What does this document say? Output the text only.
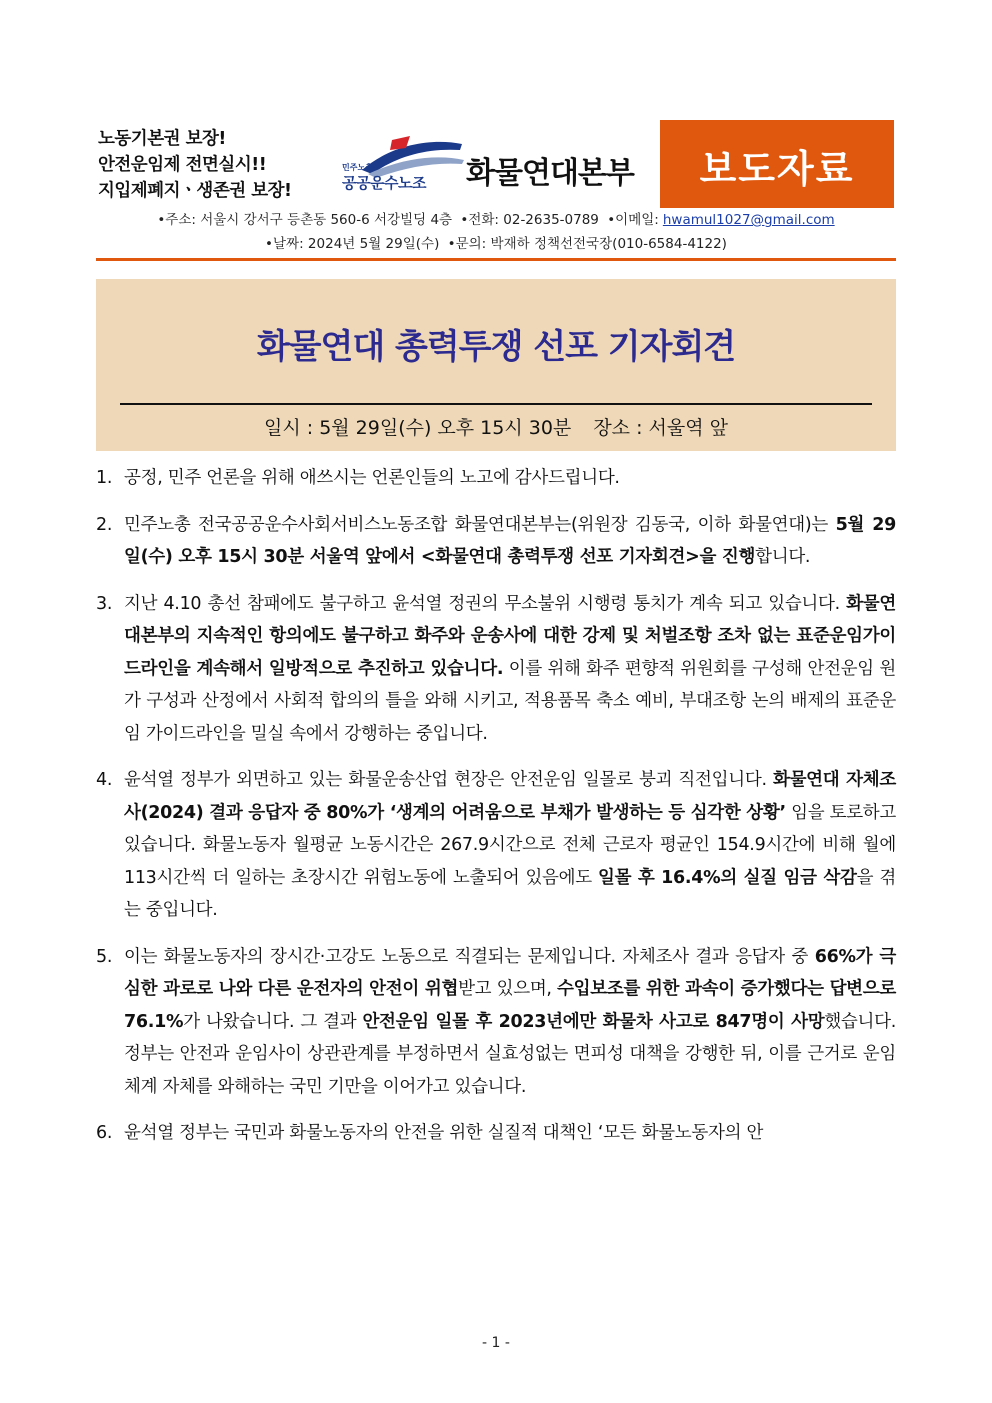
노동기본권 보장!
안전운임제 전면실시!!
지입제폐지ㆍ생존권 보장!
민주노총
공공운수노조 화물연대본부	보도자료
•주소: 서울시 강서구 등촌동 560-6 서강빌딩 4층 •전화: 02-2635-0789 •이메일: hwamul1027@gmail.com
•날짜: 2024년 5월 29일(수) •문의: 박재하 정책선전국장(010-6584-4122)
화물연대 총력투쟁 선포 기자회견
일시 : 5월 29일(수) 오후 15시 30분 장소 : 서울역 앞
1. 공정, 민주 언론을 위해 애쓰시는 언론인들의 노고에 감사드립니다.
2. 민주노총 전국공공운수사회서비스노동조합 화물연대본부는(위원장 김동국, 이하 화물연대)는 5월 29일(수) 오후 15시 30분 서울역 앞에서 <화물연대 총력투쟁 선포 기자회견>을 진행합니다.
3. 지난 4.10 총선 참패에도 불구하고 윤석열 정권의 무소불위 시행령 통치가 계속 되고 있습니다. 화물연대본부의 지속적인 항의에도 불구하고 화주와 운송사에 대한 강제 및 처벌조항 조차 없는 표준운임가이드라인을 계속해서 일방적으로 추진하고 있습니다. 이를 위해 화주 편향적 위원회를 구성해 안전운임 원가 구성과 산정에서 사회적 합의의 틀을 와해 시키고, 적용품목 축소 예비, 부대조항 논의 배제의 표준운임 가이드라인을 밀실 속에서 강행하는 중입니다.
4. 윤석열 정부가 외면하고 있는 화물운송산업 현장은 안전운임 일몰로 붕괴 직전입니다. 화물연대 자체조사(2024) 결과 응답자 중 80%가 ‘생계의 어려움으로 부채가 발생하는 등 심각한 상황’ 임을 토로하고 있습니다. 화물노동자 월평균 노동시간은 267.9시간으로 전체 근로자 평균인 154.9시간에 비해 월에 113시간씩 더 일하는 초장시간 위험노동에 노출되어 있음에도 일몰 후 16.4%의 실질 임금 삭감을 겪는 중입니다.
5. 이는 화물노동자의 장시간·고강도 노동으로 직결되는 문제입니다. 자체조사 결과 응답자 중 66%가 극심한 과로로 나와 다른 운전자의 안전이 위협받고 있으며, 수입보조를 위한 과속이 증가했다는 답변으로 76.1%가 나왔습니다. 그 결과 안전운임 일몰 후 2023년에만 화물차 사고로 847명이 사망했습니다. 정부는 안전과 운임사이 상관관계를 부정하면서 실효성없는 면피성 대책을 강행한 뒤, 이를 근거로 운임 체계 자체를 와해하는 국민 기만을 이어가고 있습니다.
6. 윤석열 정부는 국민과 화물노동자의 안전을 위한 실질적 대책인 ‘모든 화물노동자의 안
- 1 -
